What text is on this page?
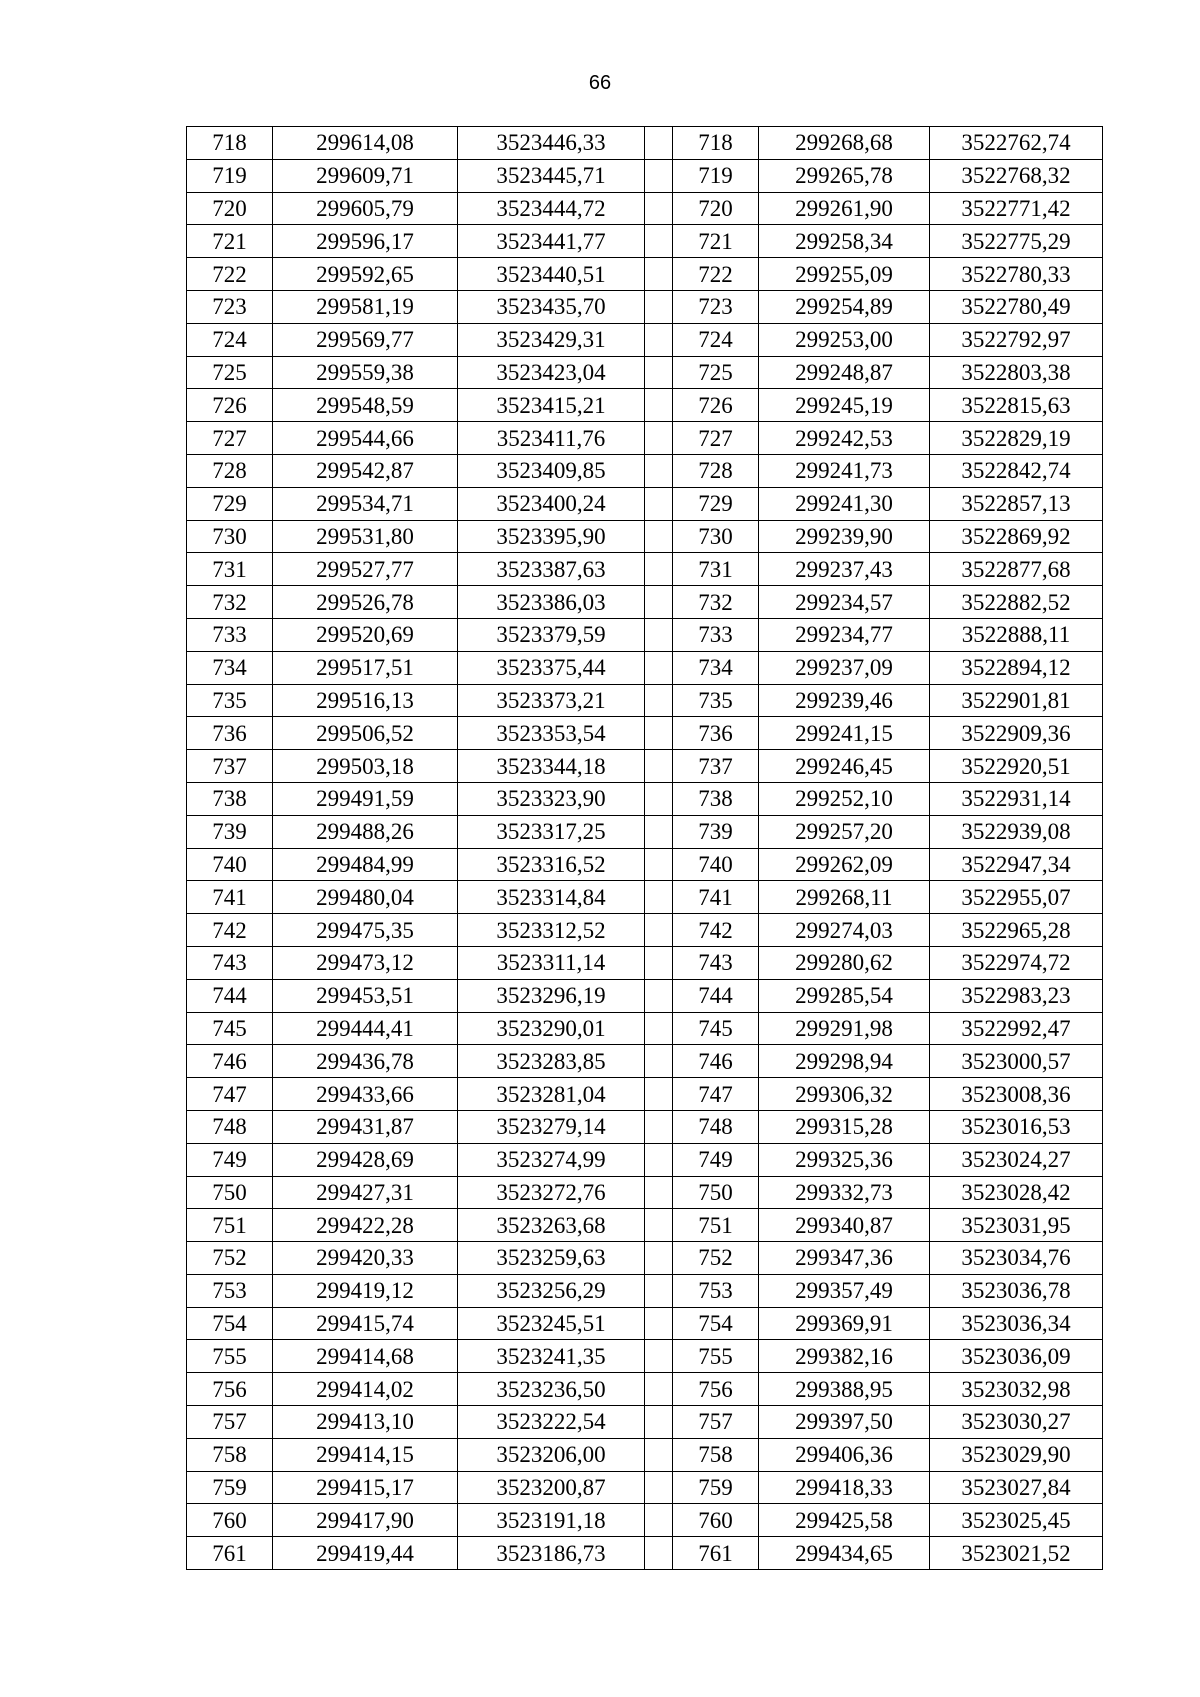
66
718	299614,08	3523446,33		718	299268,68	3522762,74
719	299609,71	3523445,71		719	299265,78	3522768,32
720	299605,79	3523444,72		720	299261,90	3522771,42
721	299596,17	3523441,77		721	299258,34	3522775,29
722	299592,65	3523440,51		722	299255,09	3522780,33
723	299581,19	3523435,70		723	299254,89	3522780,49
724	299569,77	3523429,31		724	299253,00	3522792,97
725	299559,38	3523423,04		725	299248,87	3522803,38
726	299548,59	3523415,21		726	299245,19	3522815,63
727	299544,66	3523411,76		727	299242,53	3522829,19
728	299542,87	3523409,85		728	299241,73	3522842,74
729	299534,71	3523400,24		729	299241,30	3522857,13
730	299531,80	3523395,90		730	299239,90	3522869,92
731	299527,77	3523387,63		731	299237,43	3522877,68
732	299526,78	3523386,03		732	299234,57	3522882,52
733	299520,69	3523379,59		733	299234,77	3522888,11
734	299517,51	3523375,44		734	299237,09	3522894,12
735	299516,13	3523373,21		735	299239,46	3522901,81
736	299506,52	3523353,54		736	299241,15	3522909,36
737	299503,18	3523344,18		737	299246,45	3522920,51
738	299491,59	3523323,90		738	299252,10	3522931,14
739	299488,26	3523317,25		739	299257,20	3522939,08
740	299484,99	3523316,52		740	299262,09	3522947,34
741	299480,04	3523314,84		741	299268,11	3522955,07
742	299475,35	3523312,52		742	299274,03	3522965,28
743	299473,12	3523311,14		743	299280,62	3522974,72
744	299453,51	3523296,19		744	299285,54	3522983,23
745	299444,41	3523290,01		745	299291,98	3522992,47
746	299436,78	3523283,85		746	299298,94	3523000,57
747	299433,66	3523281,04		747	299306,32	3523008,36
748	299431,87	3523279,14		748	299315,28	3523016,53
749	299428,69	3523274,99		749	299325,36	3523024,27
750	299427,31	3523272,76		750	299332,73	3523028,42
751	299422,28	3523263,68		751	299340,87	3523031,95
752	299420,33	3523259,63		752	299347,36	3523034,76
753	299419,12	3523256,29		753	299357,49	3523036,78
754	299415,74	3523245,51		754	299369,91	3523036,34
755	299414,68	3523241,35		755	299382,16	3523036,09
756	299414,02	3523236,50		756	299388,95	3523032,98
757	299413,10	3523222,54		757	299397,50	3523030,27
758	299414,15	3523206,00		758	299406,36	3523029,90
759	299415,17	3523200,87		759	299418,33	3523027,84
760	299417,90	3523191,18		760	299425,58	3523025,45
761	299419,44	3523186,73		761	299434,65	3523021,52
